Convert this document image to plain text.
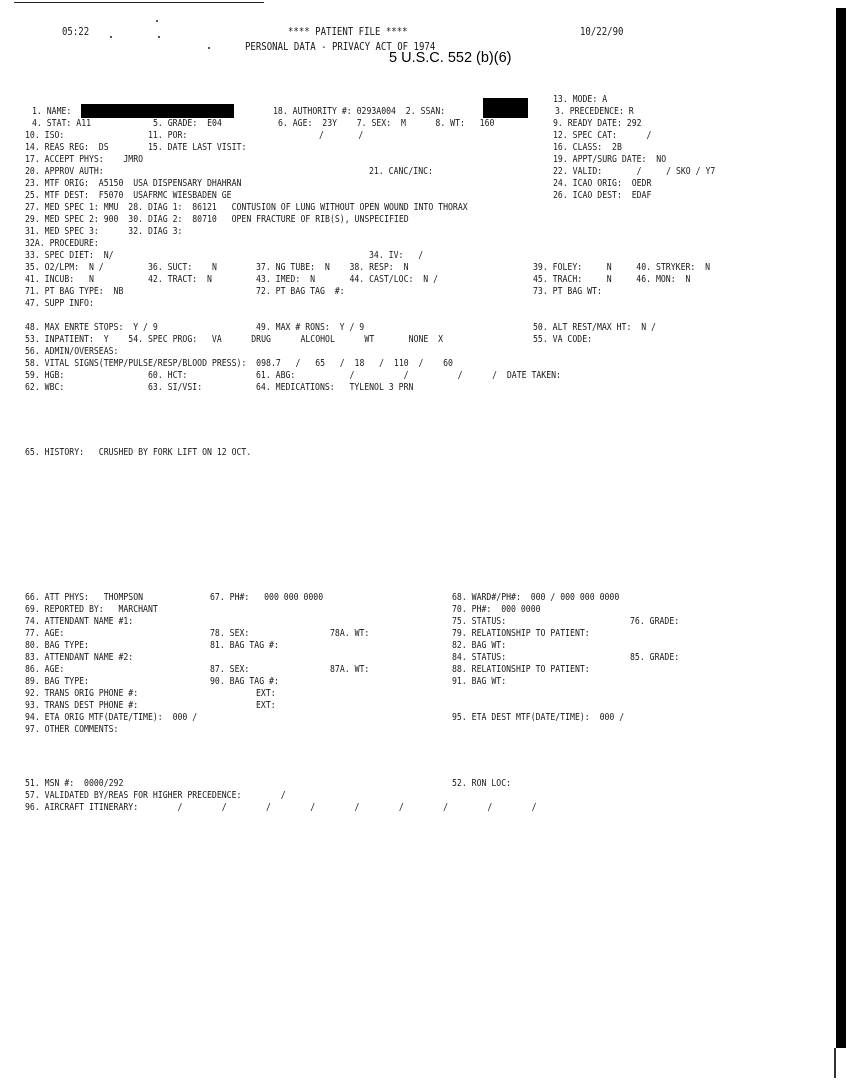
05:22	**** PATIENT FILE ****	10/22/90
PERSONAL DATA - PRIVACY ACT OF 1974
5 U.S.C. 552 (b)(6)
13. MODE: A
1. NAME:	18. AUTHORITY #: 0293A004  2. SSAN:	3. PRECEDENCE: R
4. STAT: A11	5. GRADE:  E04	6. AGE:  23Y    7. SEX:  M      8. WT:   160	9. READY DATE: 292
10. ISO:	11. POR:	/       /	12. SPEC CAT:      /
14. REAS REG:  DS	15. DATE LAST VISIT:	16. CLASS:  2B
17. ACCEPT PHYS:    JMRO	19. APPT/SURG DATE:  NO
20. APPROV AUTH:	21. CANC/INC:	22. VALID:       /     / SKO / Y7
23. MTF ORIG:  A5150  USA DISPENSARY DHAHRAN	24. ICAO ORIG:  OEDR
25. MTF DEST:  F5070  USAFRMC WIESBADEN GE	26. ICAO DEST:  EDAF
27. MED SPEC 1: MMU  28. DIAG 1:  86121   CONTUSION OF LUNG WITHOUT OPEN WOUND INTO THORAX
29. MED SPEC 2: 900  30. DIAG 2:  80710   OPEN FRACTURE OF RIB(S), UNSPECIFIED
31. MED SPEC 3:      32. DIAG 3:
32A. PROCEDURE:
33. SPEC DIET:  N/	34. IV:   /
35. O2/LPM:  N /	36. SUCT:    N	37. NG TUBE:  N    38. RESP:  N	39. FOLEY:     N     40. STRYKER:  N
41. INCUB:   N	42. TRACT:  N	43. IMED:  N       44. CAST/LOC:  N /	45. TRACH:     N     46. MON:  N
71. PT BAG TYPE:  NB	72. PT BAG TAG  #:	73. PT BAG WT:
47. SUPP INFO:
48. MAX ENRTE STOPS:  Y / 9	49. MAX # RONS:  Y / 9	50. ALT REST/MAX HT:  N /
53. INPATIENT:  Y    54. SPEC PROG:   VA      DRUG      ALCOHOL      WT       NONE  X	55. VA CODE:
56. ADMIN/OVERSEAS:
58. VITAL SIGNS(TEMP/PULSE/RESP/BLOOD PRESS):  098.7   /   65   /  18   /  110  /    60
59. HGB:	60. HCT:	61. ABG:           /          /          /      /  DATE TAKEN:
62. WBC:	63. SI/VSI:	64. MEDICATIONS:   TYLENOL 3 PRN
65. HISTORY:   CRUSHED BY FORK LIFT ON 12 OCT.
66. ATT PHYS:   THOMPSON	67. PH#:   000 000 0000	68. WARD#/PH#:  000 / 000 000 0000
69. REPORTED BY:   MARCHANT	70. PH#:  000 0000
74. ATTENDANT NAME #1:	75. STATUS:	76. GRADE:
77. AGE:	78. SEX:	78A. WT:	79. RELATIONSHIP TO PATIENT:
80. BAG TYPE:	81. BAG TAG #:	82. BAG WT:
83. ATTENDANT NAME #2:	84. STATUS:	85. GRADE:
86. AGE:	87. SEX:	87A. WT:	88. RELATIONSHIP TO PATIENT:
89. BAG TYPE:	90. BAG TAG #:	91. BAG WT:
92. TRANS ORIG PHONE #:	EXT:
93. TRANS DEST PHONE #:	EXT:
94. ETA ORIG MTF(DATE/TIME):  000 /	95. ETA DEST MTF(DATE/TIME):  000 /
97. OTHER COMMENTS:
51. MSN #:  0000/292	52. RON LOC:
57. VALIDATED BY/REAS FOR HIGHER PRECEDENCE:        /
96. AIRCRAFT ITINERARY:        /        /        /        /        /        /        /        /        /
